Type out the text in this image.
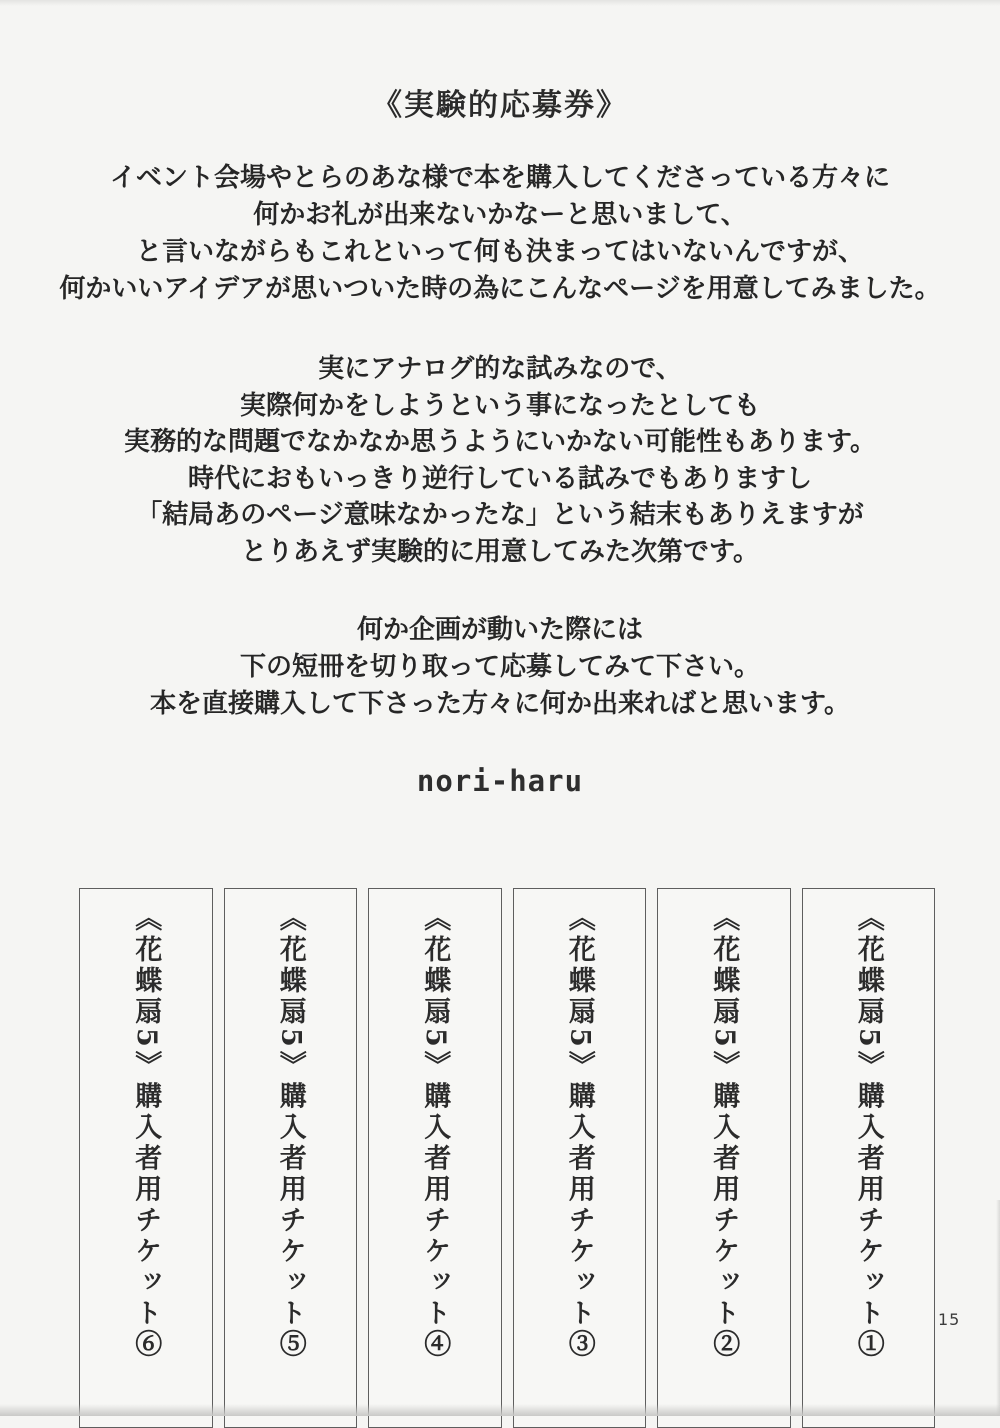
《実験的応募券》
イベント会場やとらのあな様で本を購入してくださっている方々に
何かお礼が出来ないかなーと思いまして、
と言いながらもこれといって何も決まってはいないんですが、
何かいいアイデアが思いついた時の為にこんなページを用意してみました。
実にアナログ的な試みなので、
実際何かをしようという事になったとしても
実務的な問題でなかなか思うようにいかない可能性もあります。
時代におもいっきり逆行している試みでもありますし
「結局あのページ意味なかったな」という結末もありえますが
とりあえず実験的に用意してみた次第です。
何か企画が動いた際には
下の短冊を切り取って応募してみて下さい。
本を直接購入して下さった方々に何か出来ればと思います。
nori-haru
《花蝶扇5》購入者用チケット⑥	《花蝶扇5》購入者用チケット⑤	《花蝶扇5》購入者用チケット④	《花蝶扇5》購入者用チケット③	《花蝶扇5》購入者用チケット②	《花蝶扇5》購入者用チケット①	15
